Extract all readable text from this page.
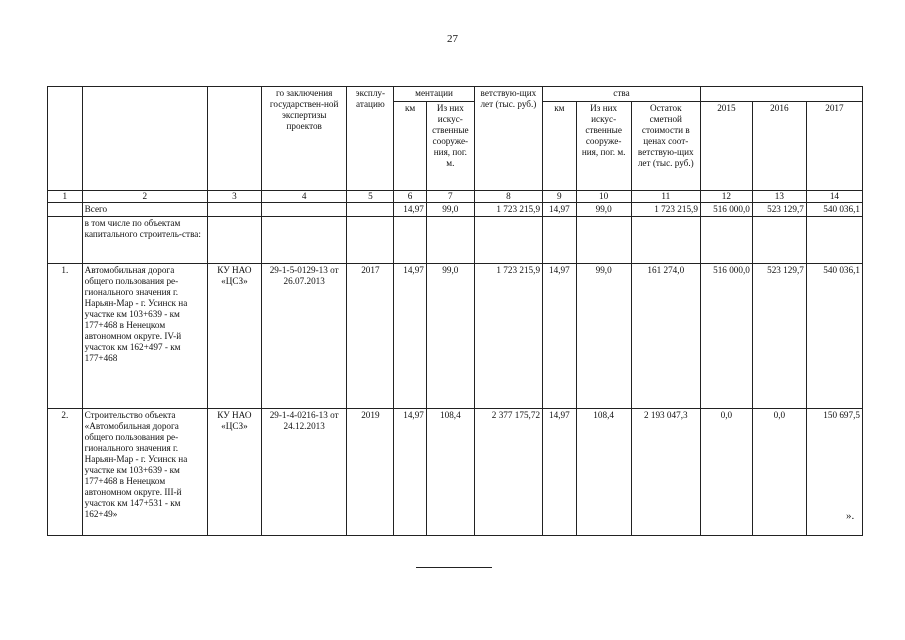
27
			го заключения государствен-ной экспертизы проектов	эксплу-атацию	ментации		ветствую-щих лет (тыс. руб.)	ства					
					км	Из них искус-ственные сооруже-ния, пог. м.		км	Из них искус-ственные сооруже-ния, пог. м.	Остаток сметной стоимости в ценах соот-ветствую-щих лет (тыс. руб.)	2015	2016	2017
1	2	3	4	5	6	7	8	9	10	11	12	13	14
	Всего				14,97	99,0	1 723 215,9	14,97	99,0	1 723 215,9	516 000,0	523 129,7	540 036,1
	в том числе по объектам капитального строитель-ства:												
1.	Автомобильная дорога общего пользования ре-гионального значения г. Нарьян-Мар - г. Усинск на участке км 103+639 - км 177+468 в Ненецком автономном округе. IV-й участок км 162+497 - км 177+468	КУ НАО «ЦСЗ»	29-1-5-0129-13 от 26.07.2013	2017	14,97	99,0	1 723 215,9	14,97	99,0	161 274,0	516 000,0	523 129,7	540 036,1
2.	Строительство объекта «Автомобильная дорога общего пользования ре-гионального значения г. Нарьян-Мар - г. Усинск на участке км 103+639 - км 177+468 в Ненецком автономном округе. III-й участок км 147+531 - км 162+49»	КУ НАО «ЦСЗ»	29-1-4-0216-13 от 24.12.2013	2019	14,97	108,4	2 377 175,72	14,97	108,4	2 193 047,3	0,0	0,0	150 697,5
».
